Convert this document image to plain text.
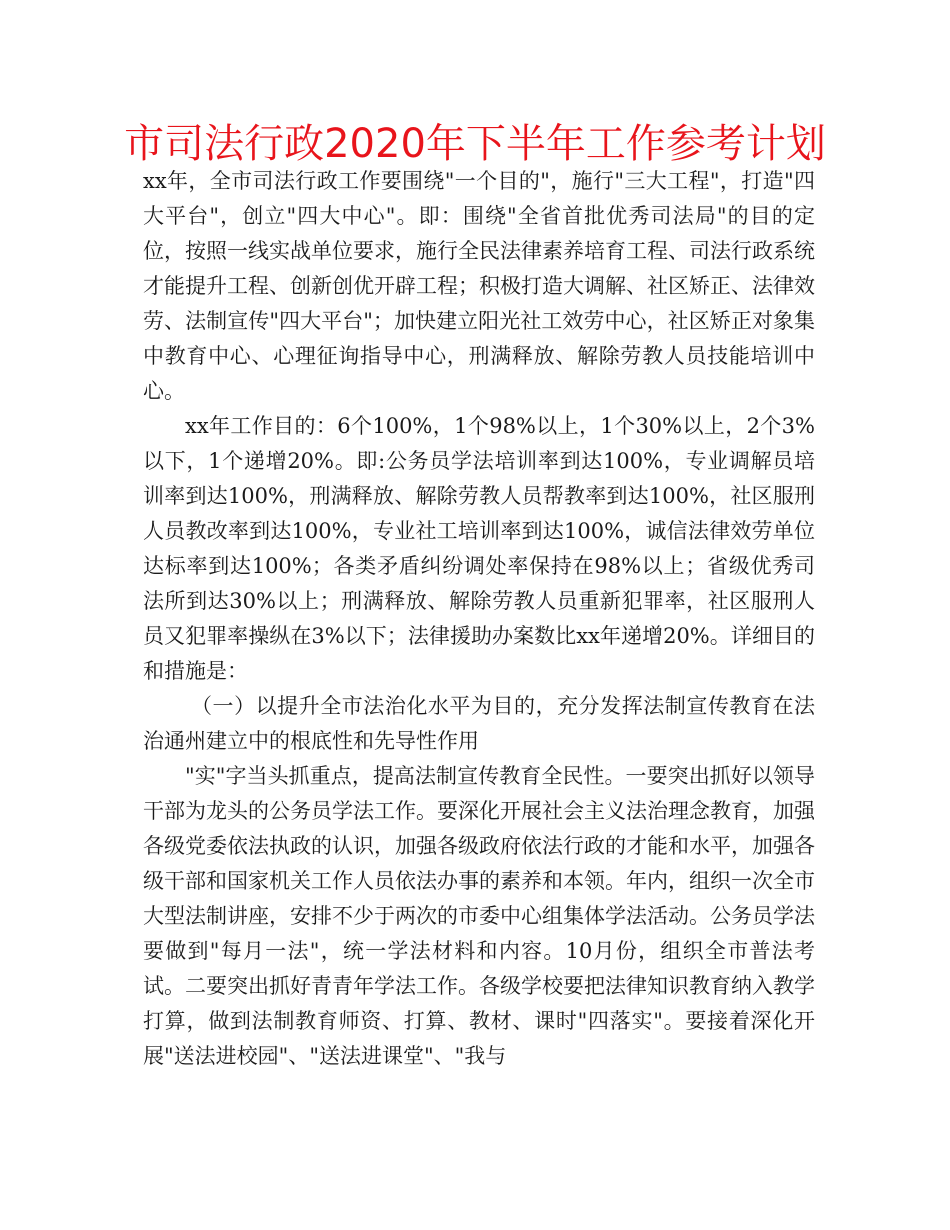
市司法行政2020年下半年工作参考计划

xx年，全市司法行政工作要围绕"一个目的"，施行"三大工程"，打造"四大平台"，创立"四大中心"。即：围绕"全省首批优秀司法局"的目的定位，按照一线实战单位要求，施行全民法律素养培育工程、司法行政系统才能提升工程、创新创优开辟工程；积极打造大调解、社区矫正、法律效劳、法制宣传"四大平台"；加快建立阳光社工效劳中心，社区矫正对象集中教育中心、心理征询指导中心，刑满释放、解除劳教人员技能培训中心。

xx年工作目的：6个100%，1个98%以上，1个30%以上，2个3%以下，1个递增20%。即:公务员学法培训率到达100%，专业调解员培训率到达100%，刑满释放、解除劳教人员帮教率到达100%，社区服刑人员教改率到达100%，专业社工培训率到达100%，诚信法律效劳单位达标率到达100%；各类矛盾纠纷调处率保持在98%以上；省级优秀司法所到达30%以上；刑满释放、解除劳教人员重新犯罪率，社区服刑人员又犯罪率操纵在3%以下；法律援助办案数比xx年递增20%。详细目的和措施是：

（一）以提升全市法治化水平为目的，充分发挥法制宣传教育在法治通州建立中的根底性和先导性作用

"实"字当头抓重点，提高法制宣传教育全民性。一要突出抓好以领导干部为龙头的公务员学法工作。要深化开展社会主义法治理念教育，加强各级党委依法执政的认识，加强各级政府依法行政的才能和水平，加强各级干部和国家机关工作人员依法办事的素养和本领。年内，组织一次全市大型法制讲座，安排不少于两次的市委中心组集体学法活动。公务员学法要做到"每月一法"，统一学法材料和内容。10月份，组织全市普法考试。二要突出抓好青青年学法工作。各级学校要把法律知识教育纳入教学打算，做到法制教育师资、打算、教材、课时"四落实"。要接着深化开展"送法进校园"、"送法进课堂"、"我与
